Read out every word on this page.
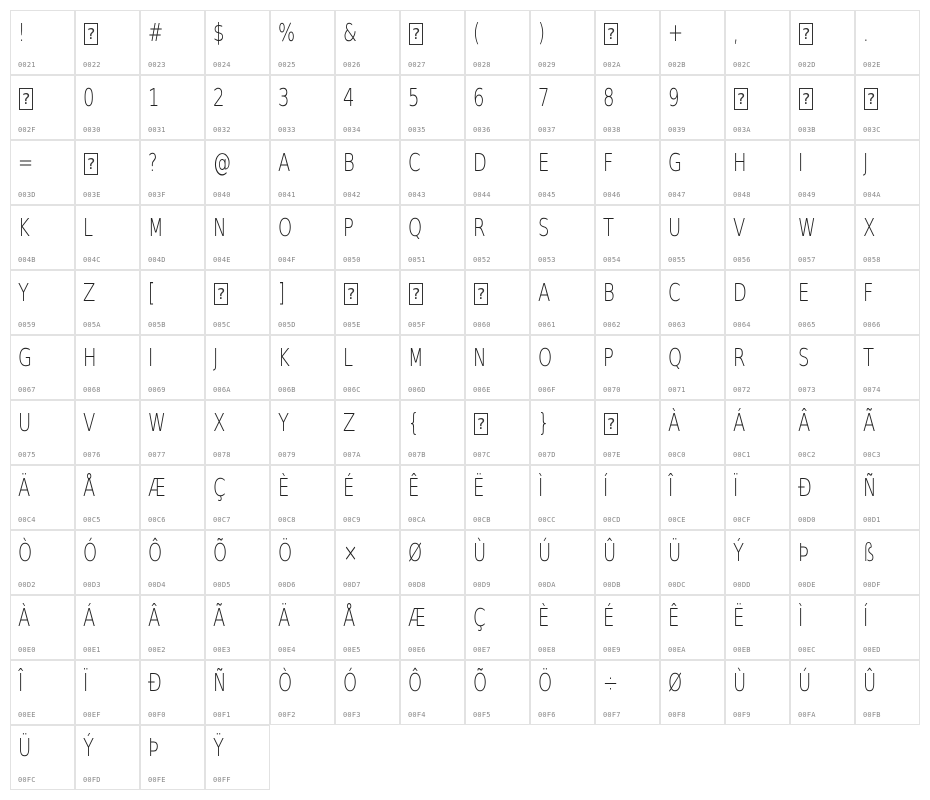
!
0021
?
0022
#
0023
$
0024
%
0025
&
0026
?
0027
(
0028
)
0029
?
002A
+
002B
,
002C
?
002D
.
002E
?
002F
0
0030
1
0031
2
0032
3
0033
4
0034
5
0035
6
0036
7
0037
8
0038
9
0039
?
003A
?
003B
?
003C
=
003D
?
003E
?
003F
@
0040
A
0041
B
0042
C
0043
D
0044
E
0045
F
0046
G
0047
H
0048
I
0049
J
004A
K
004B
L
004C
M
004D
N
004E
O
004F
P
0050
Q
0051
R
0052
S
0053
T
0054
U
0055
V
0056
W
0057
X
0058
Y
0059
Z
005A
[
005B
?
005C
]
005D
?
005E
?
005F
?
0060
A
0061
B
0062
C
0063
D
0064
E
0065
F
0066
G
0067
H
0068
I
0069
J
006A
K
006B
L
006C
M
006D
N
006E
O
006F
P
0070
Q
0071
R
0072
S
0073
T
0074
U
0075
V
0076
W
0077
X
0078
Y
0079
Z
007A
{
007B
?
007C
}
007D
?
007E
À
00C0
Á
00C1
Â
00C2
Ã
00C3
Ä
00C4
Å
00C5
Æ
00C6
Ç
00C7
È
00C8
É
00C9
Ê
00CA
Ë
00CB
Ì
00CC
Í
00CD
Î
00CE
Ï
00CF
Đ
00D0
Ñ
00D1
Ò
00D2
Ó
00D3
Ô
00D4
Õ
00D5
Ö
00D6
×
00D7
Ø
00D8
Ù
00D9
Ú
00DA
Û
00DB
Ü
00DC
Ý
00DD
Þ
00DE
ß
00DF
À
00E0
Á
00E1
Â
00E2
Ã
00E3
Ä
00E4
Å
00E5
Æ
00E6
Ç
00E7
È
00E8
É
00E9
Ê
00EA
Ë
00EB
Ì
00EC
Í
00ED
Î
00EE
Ï
00EF
Đ
00F0
Ñ
00F1
Ò
00F2
Ó
00F3
Ô
00F4
Õ
00F5
Ö
00F6
÷
00F7
Ø
00F8
Ù
00F9
Ú
00FA
Û
00FB
Ü
00FC
Ý
00FD
Þ
00FE
Ÿ
00FF
